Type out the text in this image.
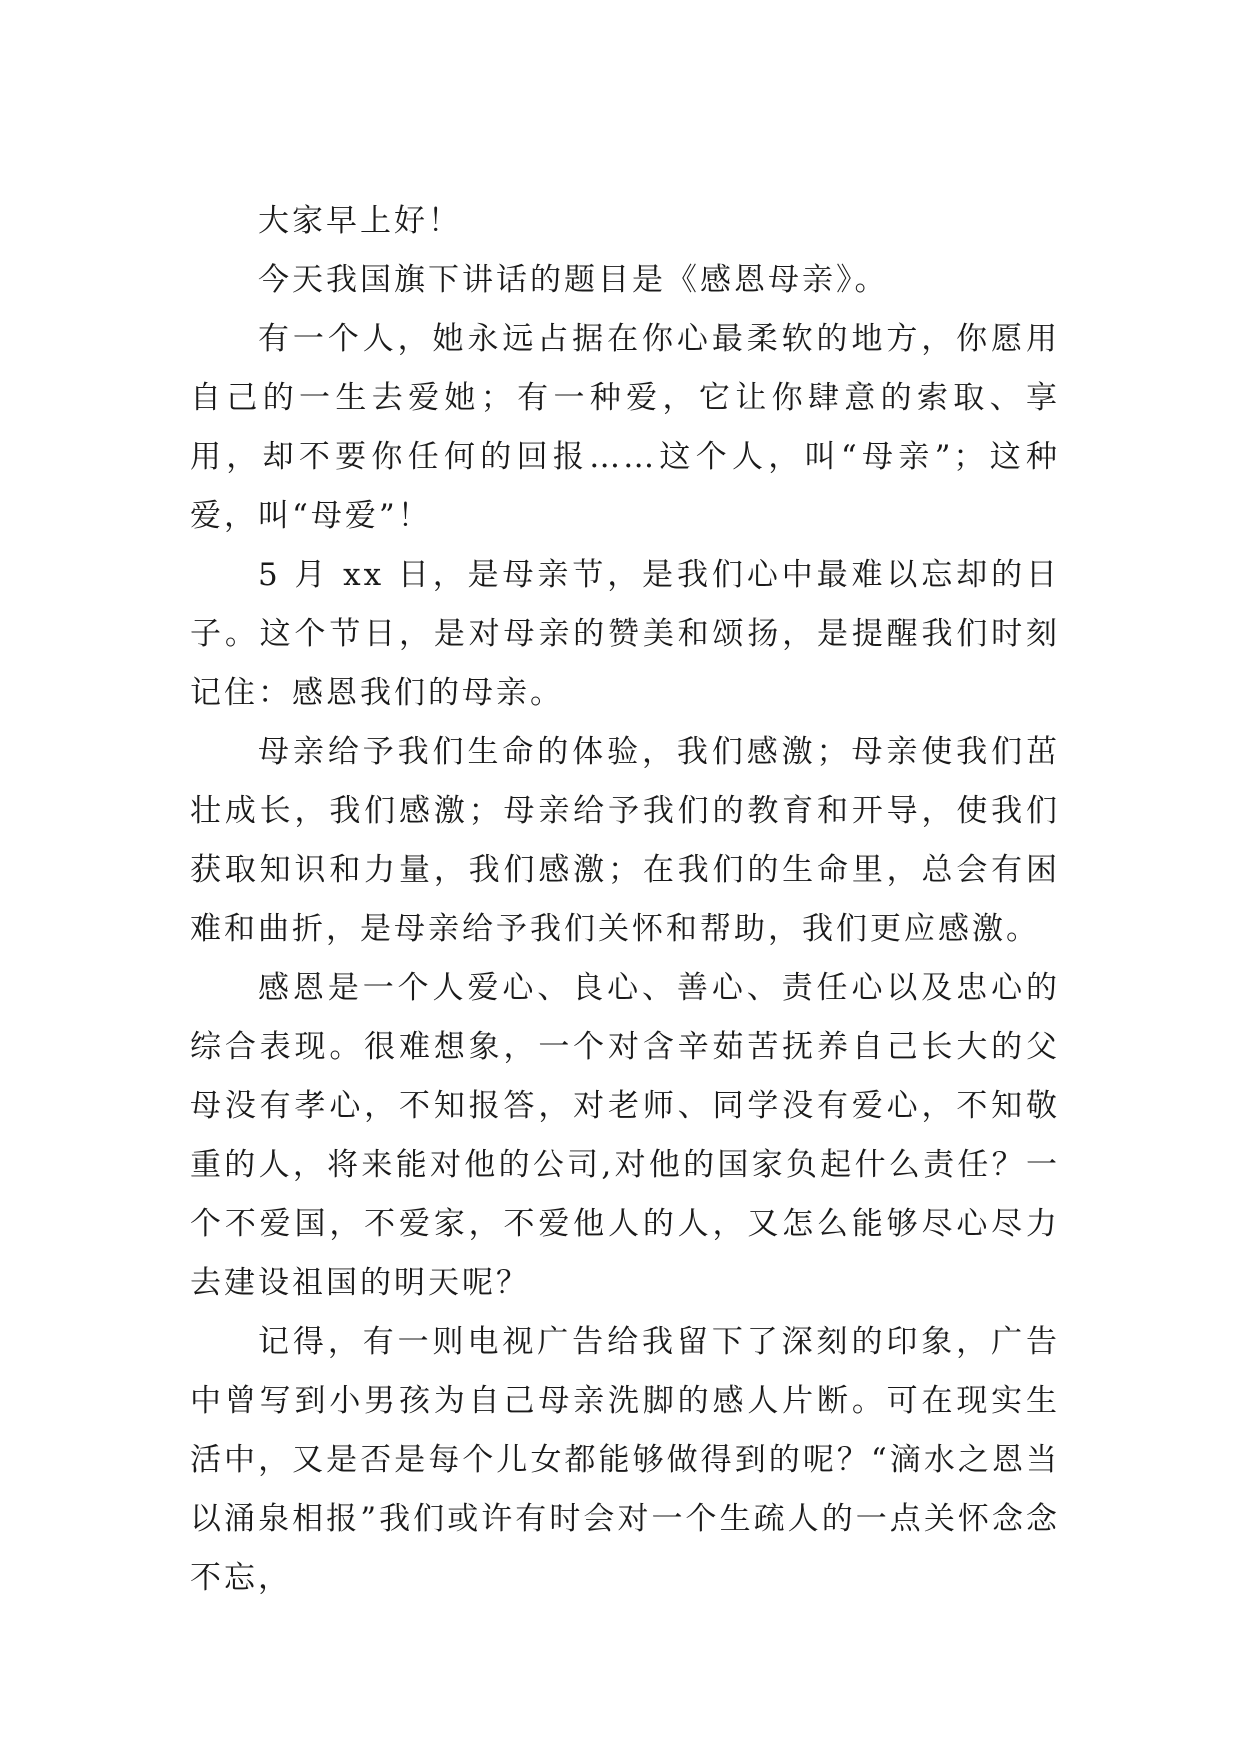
大家早上好！

今天我国旗下讲话的题目是《感恩母亲》。

有一个人，她永远占据在你心最柔软的地方，你愿用自己的一生去爱她；有一种爱，它让你肆意的索取、享用，却不要你任何的回报……这个人，叫“母亲”；这种爱，叫“母爱”！

5 月 xx 日，是母亲节，是我们心中最难以忘却的日子。这个节日，是对母亲的赞美和颂扬，是提醒我们时刻记住：感恩我们的母亲。

母亲给予我们生命的体验，我们感激；母亲使我们茁壮成长，我们感激；母亲给予我们的教育和开导，使我们获取知识和力量，我们感激；在我们的生命里，总会有困难和曲折，是母亲给予我们关怀和帮助，我们更应感激。

感恩是一个人爱心、良心、善心、责任心以及忠心的综合表现。很难想象，一个对含辛茹苦抚养自己长大的父母没有孝心，不知报答，对老师、同学没有爱心，不知敬重的人，将来能对他的公司,对他的国家负起什么责任？一个不爱国，不爱家，不爱他人的人，又怎么能够尽心尽力去建设祖国的明天呢？

记得，有一则电视广告给我留下了深刻的印象，广告中曾写到小男孩为自己母亲洗脚的感人片断。可在现实生活中，又是否是每个儿女都能够做得到的呢？“滴水之恩当以涌泉相报”我们或许有时会对一个生疏人的一点关怀念念不忘，
